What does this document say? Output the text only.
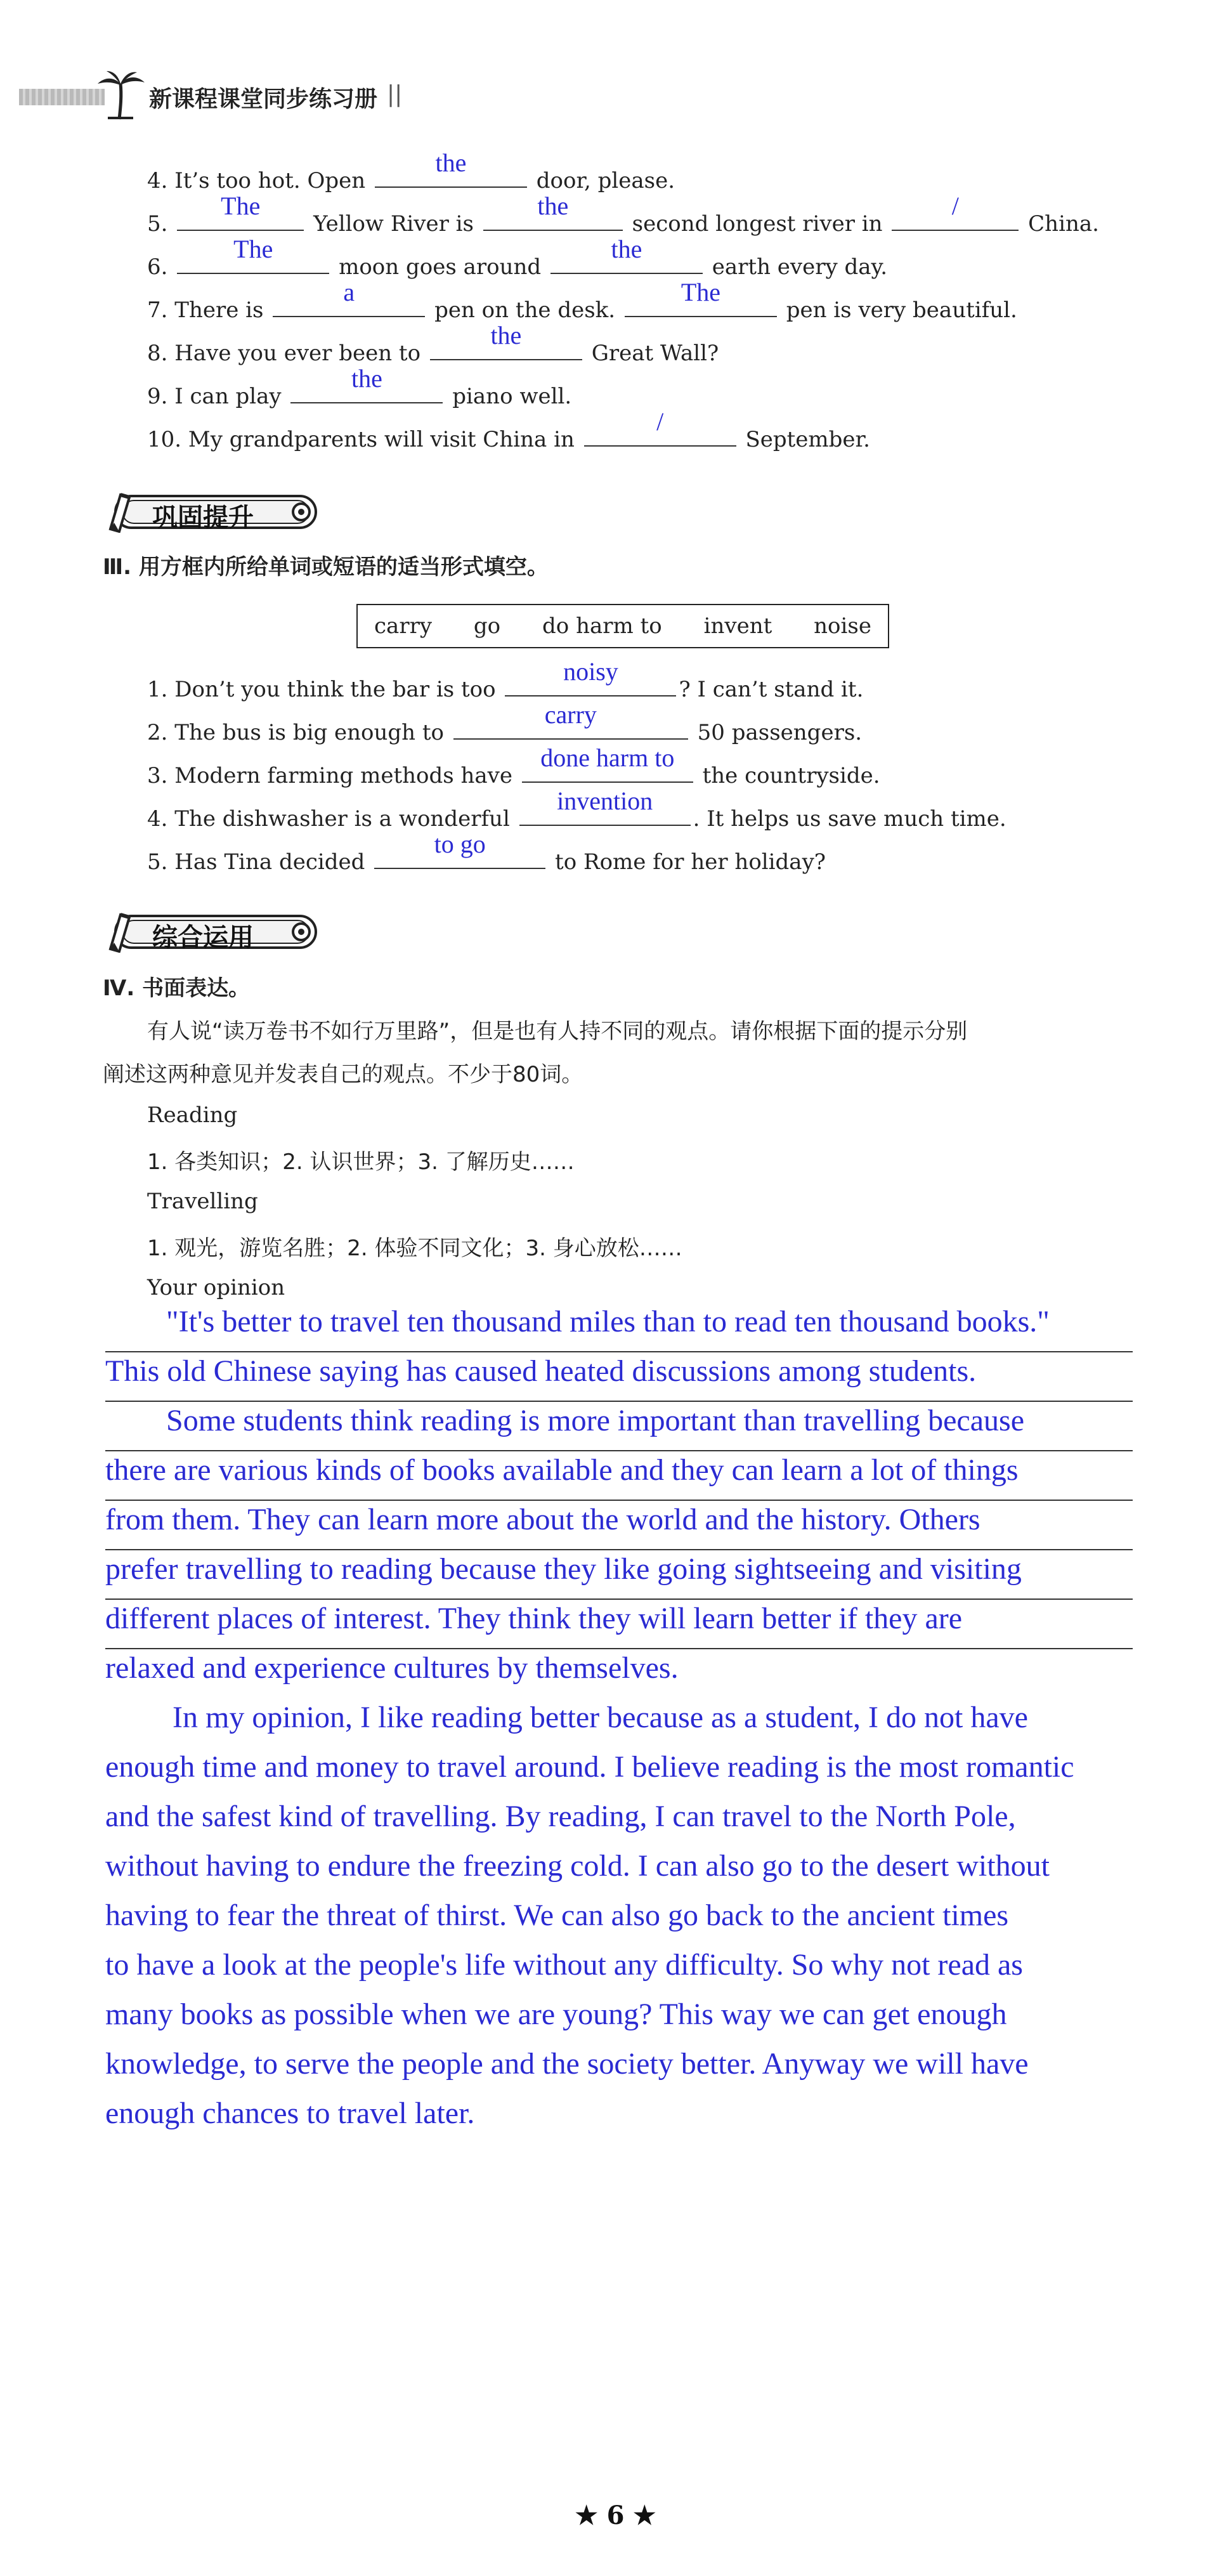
新课程课堂同步练习册 ||
4. It’s too hot. Open
the
door, please.
5.
The
Yellow River is
the
second longest river in
/
China.
6.
The
moon goes around
the
earth every day.
7. There is
a
pen on the desk.
The
pen is very beautiful.
8. Have you ever been to
the
Great Wall?
9. I can play
the
piano well.
10. My grandparents will visit China in
/
September.
巩固提升
Ⅲ. 用方框内所给单词或短语的适当形式填空。
carry go do harm to invent noise
1. Don’t you think the bar is too
noisy
? I can’t stand it.
2. The bus is big enough to
carry
50 passengers.
3. Modern farming methods have
done harm to
the countryside.
4. The dishwasher is a wonderful
invention
. It helps us save much time.
5. Has Tina decided
to go
to Rome for her holiday?
综合运用
Ⅳ. 书面表达。
有人说“读万卷书不如行万里路”，但是也有人持不同的观点。请你根据下面的提示分别
阐述这两种意见并发表自己的观点。不少于80词。
Reading
1. 各类知识；2. 认识世界；3. 了解历史……
Travelling
1. 观光，游览名胜；2. 体验不同文化；3. 身心放松……
Your opinion
"It's better to travel ten thousand miles than to read ten thousand books."
This old Chinese saying has caused heated discussions among students.
Some students think reading is more important than travelling because
there are various kinds of books available and they can learn a lot of things
from them. They can learn more about the world and the history. Others
prefer travelling to reading because they like going sightseeing and visiting
different places of interest. They think they will learn better if they are
relaxed and experience cultures by themselves.
In my opinion, I like reading better because as a student, I do not have
enough time and money to travel around. I believe reading is the most romantic
and the safest kind of travelling. By reading, I can travel to the North Pole,
without having to endure the freezing cold. I can also go to the desert without
having to fear the threat of thirst. We can also go back to the ancient times
to have a look at the people's life without any difficulty. So why not read as
many books as possible when we are young? This way we can get enough
knowledge, to serve the people and the society better. Anyway we will have
enough chances to travel later.
★ 6 ★
